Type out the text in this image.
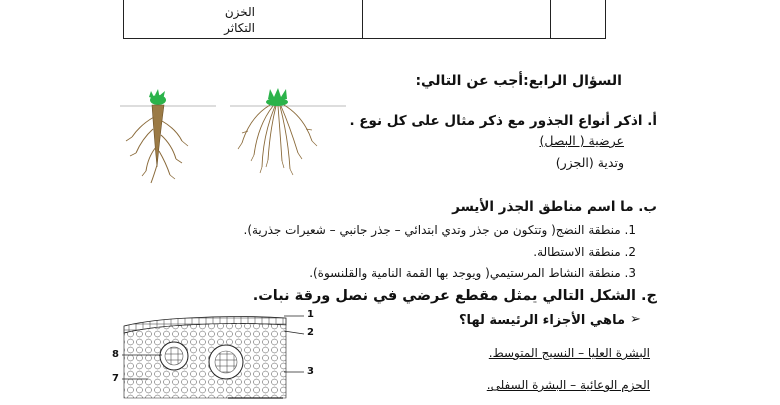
الخزن
التكاثر
السؤال الرابع:أجب عن التالي:
أ. اذكر أنواع الجذور مع ذكر مثال على كل نوع .
عرضية ( البصل)
وتدية (الجزر)
ب. ما اسم مناطق الجذر الأيسر
1. منطقة النضج( وتتكون من جذر وتدي ابتدائي – جذر جانبي – شعيرات جذرية).
2. منطقة الاستطالة.
3. منطقة النشاط المرستيمي( ويوجد بها القمة النامية والقلنسوة).
ج. الشكل التالي يمثل مقطع عرضي في نصل ورقة نبات.
➢
ماهي الأجزاء الرئيسة لها؟
البشرة العليا – النسيج المتوسط.
الحزم الوعائية – البشرة السفلى.
1
2
3
7
8
